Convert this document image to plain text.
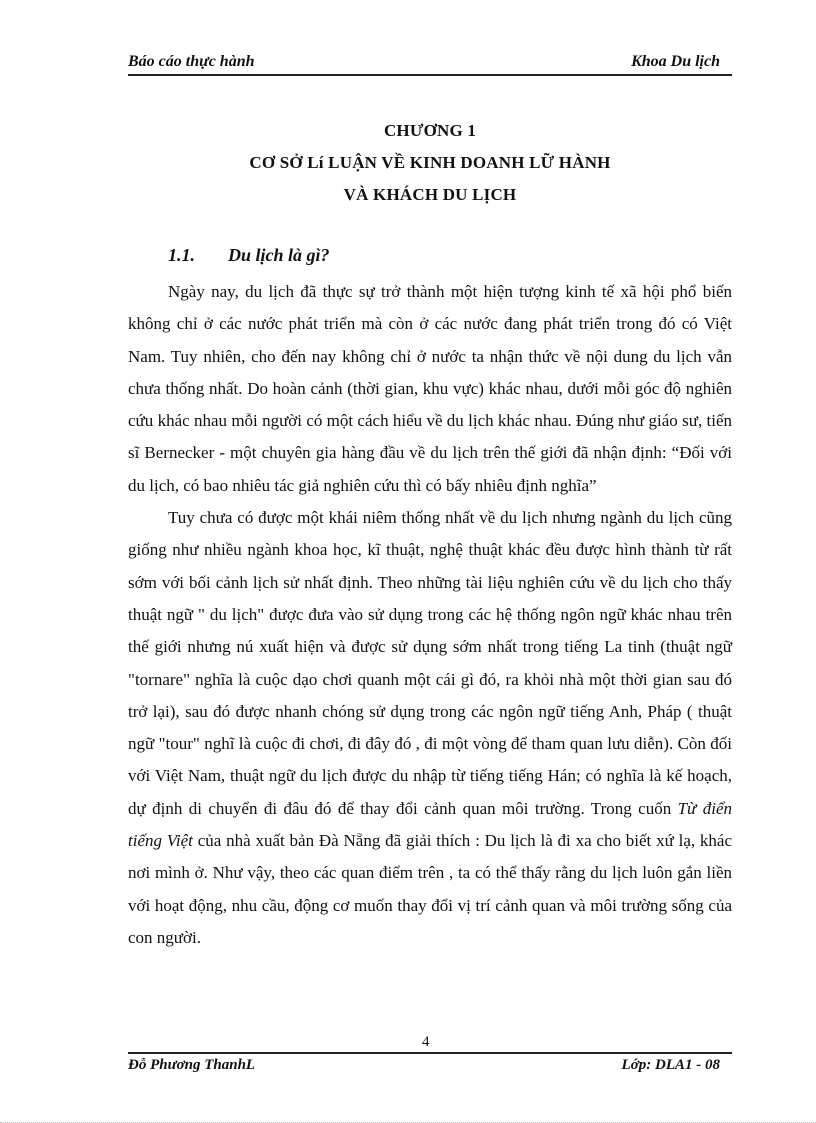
Báo cáo thực hành	Khoa Du lịch
CHƯƠNG 1
CƠ SỞ Lí LUẬN VỀ KINH DOANH LỮ HÀNH
VÀ KHÁCH DU LỊCH
1.1. Du lịch là gì?

Ngày nay, du lịch đã thực sự trở thành một hiện tượng kinh tế xã hội phổ biến không chỉ ở các nước phát triển mà còn ở các nước đang phát triển trong đó có Việt Nam. Tuy nhiên, cho đến nay không chỉ ở nước ta nhận thức về nội dung du lịch vẫn chưa thống nhất. Do hoàn cảnh (thời gian, khu vực) khác nhau, dưới mỗi góc độ nghiên cứu khác nhau mỗi người có một cách hiểu về du lịch khác nhau. Đúng như giáo sư, tiến sĩ Bernecker - một chuyên gia hàng đầu về du lịch trên thế giới đã nhận định: “Đối với du lịch, có bao nhiêu tác giả nghiên cứu thì có bấy nhiêu định nghĩa”

Tuy chưa có được một khái niêm thống nhất về du lịch nhưng ngành du lịch cũng giống như nhiều ngành khoa học, kĩ thuật, nghệ thuật khác đều được hình thành từ rất sớm với bối cảnh lịch sử nhất định. Theo những tài liệu nghiên cứu về du lịch cho thấy thuật ngữ " du lịch" được đưa vào sử dụng trong các hệ thống ngôn ngữ khác nhau trên thế giới nhưng nú xuất hiện và được sử dụng sớm nhất trong tiếng La tinh (thuật ngữ "tornare" nghĩa là cuộc dạo chơi quanh một cái gì đó, ra khỏi nhà một thời gian sau đó trở lại), sau đó được nhanh chóng sử dụng trong các ngôn ngữ tiếng Anh, Pháp ( thuật ngữ "tour" nghĩ là cuộc đi chơi, đi đây đó , đi một vòng để tham quan lưu diễn). Còn đối với Việt Nam, thuật ngữ du lịch được du nhập từ tiếng tiếng Hán; có nghĩa là kế hoạch, dự định di chuyển đi đâu đó để thay đổi cảnh quan môi trường. Trong cuốn Từ điển tiếng Việt của nhà xuất bản Đà Nẵng đã giải thích : Du lịch là đi xa cho biết xứ lạ, khác nơi mình ở. Như vậy, theo các quan điểm trên , ta có thể thấy rằng du lịch luôn gắn liền với hoạt động, nhu cầu, động cơ muốn thay đổi vị trí cảnh quan và môi trường sống của con người.

Đỗ Phương ThanhL
4
Lớp: DLA1 - 08
